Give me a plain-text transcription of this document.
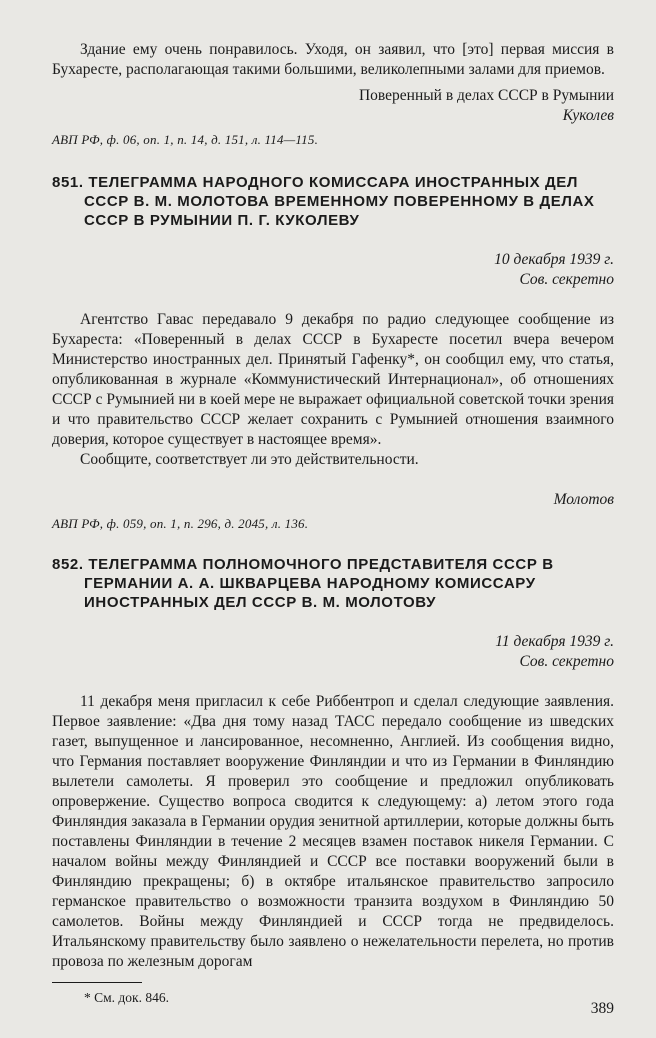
Здание ему очень понравилось. Уходя, он заявил, что [это] первая миссия в Бухаресте, располагающая такими большими, великолепными залами для приемов.

Поверенный в делах СССР в Румынии
Куколев
АВП РФ, ф. 06, оп. 1, п. 14, д. 151, л. 114—115.
851. ТЕЛЕГРАММА НАРОДНОГО КОМИССАРА ИНОСТРАННЫХ ДЕЛ СССР В. М. МОЛОТОВА ВРЕМЕННОМУ ПОВЕРЕННОМУ В ДЕЛАХ СССР В РУМЫНИИ П. Г. КУКОЛЕВУ
10 декабря 1939 г.
Сов. секретно

Агентство Гавас передавало 9 декабря по радио следующее сообщение из Бухареста: «Поверенный в делах СССР в Бухаресте посетил вчера вечером Министерство иностранных дел. Принятый Гафенку*, он сообщил ему, что статья, опубликованная в журнале «Коммунистический Интернационал», об отношениях СССР с Румынией ни в коей мере не выражает официальной советской точки зрения и что правительство СССР желает сохранить с Румынией отношения взаимного доверия, которое существует в настоящее время».

Сообщите, соответствует ли это действительности.

Молотов
АВП РФ, ф. 059, оп. 1, п. 296, д. 2045, л. 136.
852. ТЕЛЕГРАММА ПОЛНОМОЧНОГО ПРЕДСТАВИТЕЛЯ СССР В ГЕРМАНИИ А. А. ШКВАРЦЕВА НАРОДНОМУ КОМИССАРУ ИНОСТРАННЫХ ДЕЛ СССР В. М. МОЛОТОВУ
11 декабря 1939 г.
Сов. секретно

11 декабря меня пригласил к себе Риббентроп и сделал следующие заявления. Первое заявление: «Два дня тому назад ТАСС передало сообщение из шведских газет, выпущенное и лансированное, несомненно, Англией. Из сообщения видно, что Германия поставляет вооружение Финляндии и что из Германии в Финляндию вылетели самолеты. Я проверил это сообщение и предложил опубликовать опровержение. Существо вопроса сводится к следующему: а) летом этого года Финляндия заказала в Германии орудия зенитной артиллерии, которые должны быть поставлены Финляндии в течение 2 месяцев взамен поставок никеля Германии. С началом войны между Финляндией и СССР все поставки вооружений были в Финляндию прекращены; б) в октябре итальянское правительство запросило германское правительство о возможности транзита воздухом в Финляндию 50 самолетов. Войны между Финляндией и СССР тогда не предвиделось. Итальянскому правительству было заявлено о нежелательности перелета, но против провоза по железным дорогам

* См. док. 846.
389
